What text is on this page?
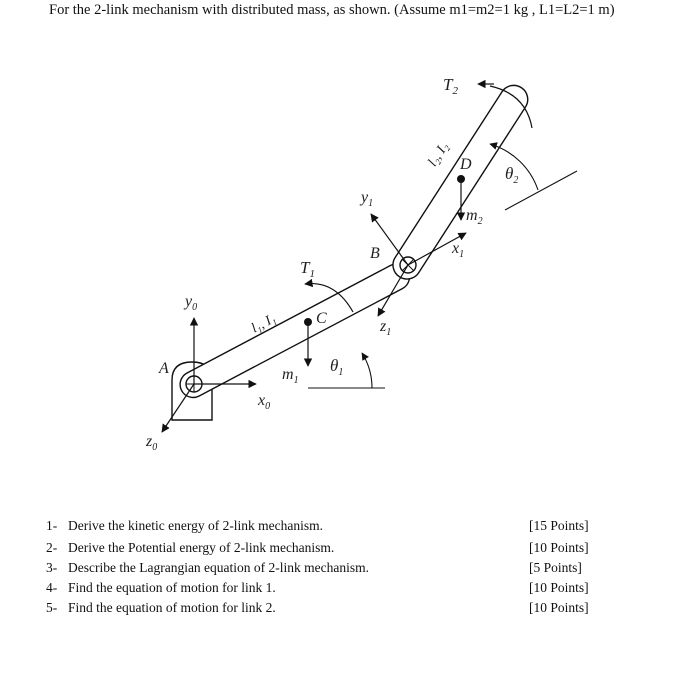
For the 2-link mechanism with distributed mass, as shown. (Assume m1=m2=1 kg , L1=L2=1 m)
A
B
C
D
$T_1$
$T_2$
$m_1$
$m_2$
$\theta_1$
$\theta_2$
$y_0$
$x_0$
$z_0$
$y_1$
$x_1$
$z_1$
l₁, I₁
l₂, I₂
1- Derive the kinetic energy of 2-link mechanism.
2- Derive the Potential energy of 2-link mechanism.
3- Describe the Lagrangian equation of 2-link mechanism.
4- Find the equation of motion for link 1.
5- Find the equation of motion for link 2.
[15 Points]
[10 Points]
[5 Points]
[10 Points]
[10 Points]
